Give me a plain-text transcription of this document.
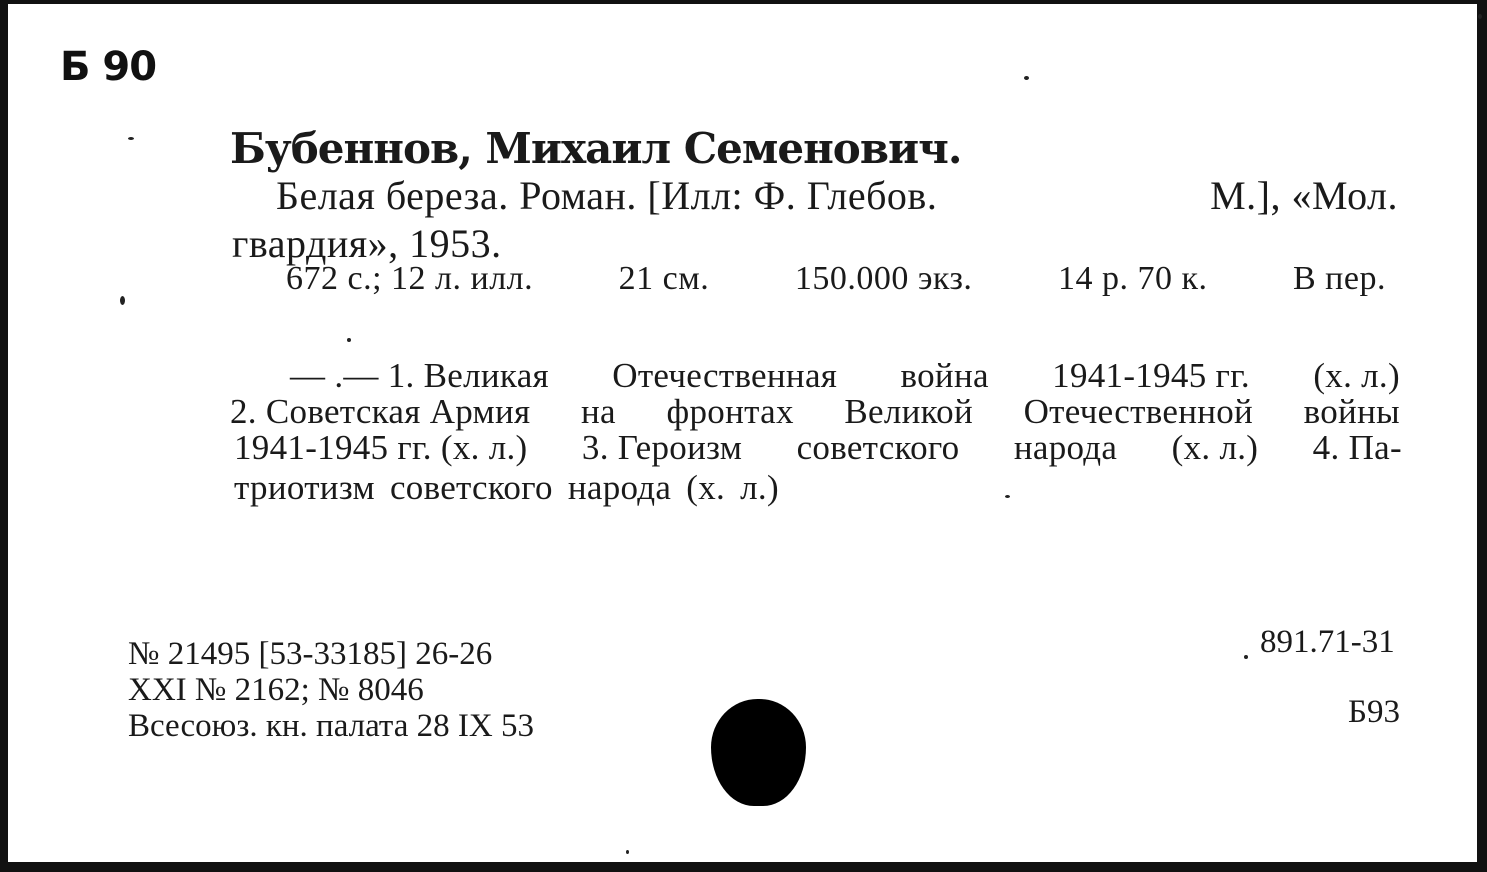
Б 90
Бубеннов, Михаил Семенович.
Белая береза. Роман. [Илл: Ф. Глебов.	М.], «Мол.
гвардия», 1953.
672 с.; 12 л. илл.	21 см.	150.000 экз.	14 р. 70 к.	В пер.
— .— 1. Великая Отечественная война 1941-1945 гг. (х. л.)
2. Советская Армия на фронтах Великой Отечественной войны
1941-1945 гг. (х. л.) 3. Героизм советского народа (х. л.) 4. Па-
триотизм советского народа (х. л.)
№ 21495 [53-33185] 26-26
XXI № 2162; № 8046
Всесоюз. кн. палата 28 IX 53
891.71-31
Б93
